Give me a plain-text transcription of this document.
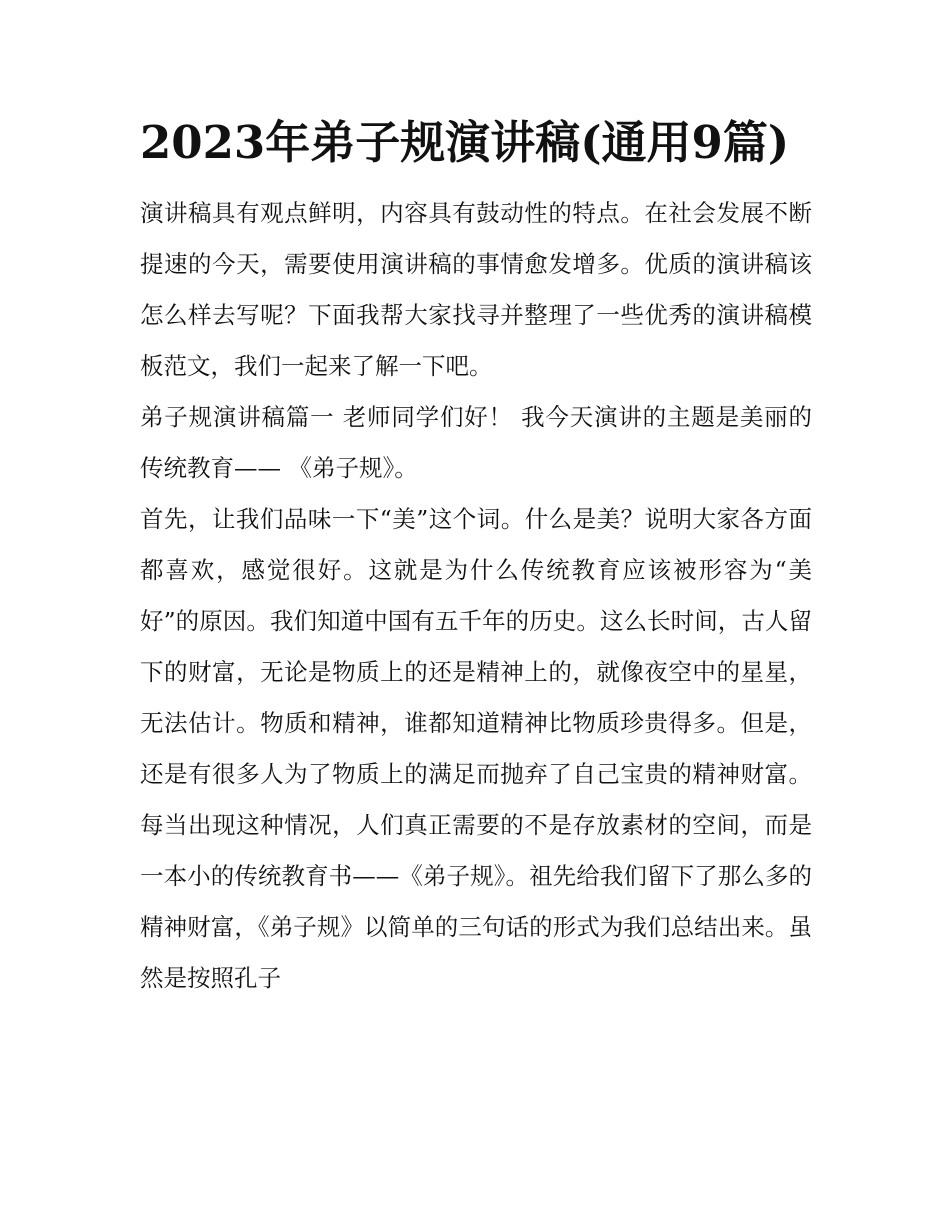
2023年弟子规演讲稿(通用9篇)

演讲稿具有观点鲜明，内容具有鼓动性的特点。在社会发展不断提速的今天，需要使用演讲稿的事情愈发增多。优质的演讲稿该怎么样去写呢？下面我帮大家找寻并整理了一些优秀的演讲稿模板范文，我们一起来了解一下吧。

弟子规演讲稿篇一 老师同学们好！ 我今天演讲的主题是美丽的传统教育—— 《弟子规》。

首先，让我们品味一下“美”这个词。什么是美？说明大家各方面都喜欢，感觉很好。这就是为什么传统教育应该被形容为“美好”的原因。我们知道中国有五千年的历史。这么长时间，古人留下的财富，无论是物质上的还是精神上的，就像夜空中的星星，无法估计。物质和精神，谁都知道精神比物质珍贵得多。但是，还是有很多人为了物质上的满足而抛弃了自己宝贵的精神财富。每当出现这种情况，人们真正需要的不是存放素材的空间，而是一本小的传统教育书——《弟子规》。祖先给我们留下了那么多的精神财富，《弟子规》以简单的三句话的形式为我们总结出来。虽然是按照孔子
